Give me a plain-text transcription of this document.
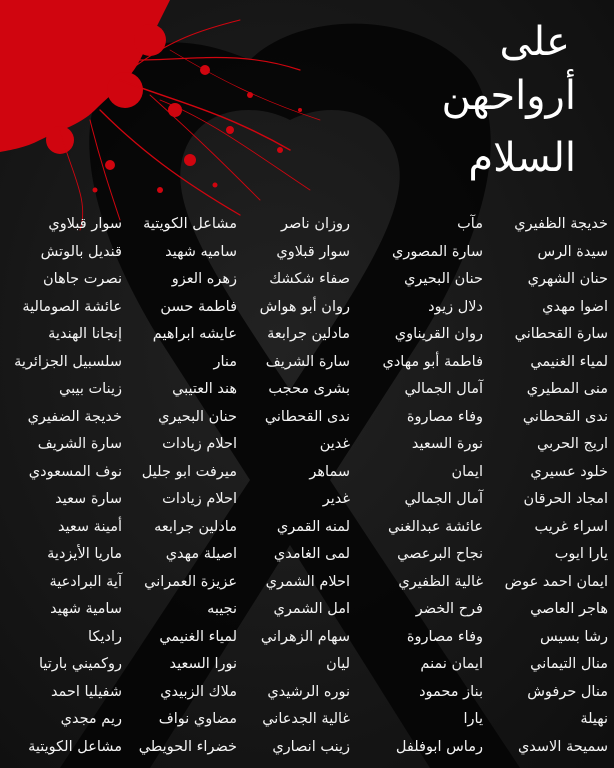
على
أرواحهن
السلام
خديجة الظفيري
سيدة الرس
حنان الشهري
اضوا مهدي
سارة القحطاني
لمياء الغنيمي
منى المطيري
ندى القحطاني
اريج الحربي
خلود عسيري
امجاد الحرقان
اسراء غريب
يارا ايوب
ايمان احمد عوض
هاجر العاصي
رشا بسيس
منال التيماني
منال حرفوش
نهيلة
سميحة الاسدي
مآب
سارة المصوري
حنان البحيري
دلال زيود
روان القريناوي
فاطمة أبو مهادي
آمال الجمالي
وفاء مصاروة
نورة السعيد
ايمان
آمال الجمالي
عائشة عبدالغني
نجاح البرعصي
غالية الظفيري
فرح الخضر
وفاء مصاروة
ايمان نمنم
بناز محمود
يارا
رماس ابوفلفل
روزان ناصر
سوار قبلاوي
صفاء شكشك
روان أبو هواش
مادلين جرابعة
سارة الشريف
بشرى محجب
ندى القحطاني
غدين
سماهر
غدير
لمنه القمري
لمى الغامدي
احلام الشمري
امل الشمري
سهام الزهراني
ليان
نوره الرشيدي
غالية الجدعاني
زينب انصاري
مشاعل الكويتية
ساميه شهيد
زهره العزو
فاطمة حسن
عايشه ابراهيم
منار
هند العتيبي
حنان البحيري
احلام زيادات
ميرفت ابو جليل
احلام زيادات
مادلين جرابعه
اصيلة مهدي
عزيزة العمراني
نجيبه
لمياء الغنيمي
نورا السعيد
ملاك الزبيدي
مضاوي نواف
خضراء الحويطي
سوار قبلاوي
قنديل بالوتش
نصرت جاهان
عائشة الصومالية
إنجانا الهندية
سلسبيل الجزائرية
زينات بيبي
خديجة الضفيري
سارة الشريف
نوف المسعودي
سارة سعيد
أمينة سعيد
ماريا الأيزدية
آية البرادعية
سامية شهيد
راديكا
روكميني بارتيا
شفيليا احمد
ريم مجدي
مشاعل الكويتية
